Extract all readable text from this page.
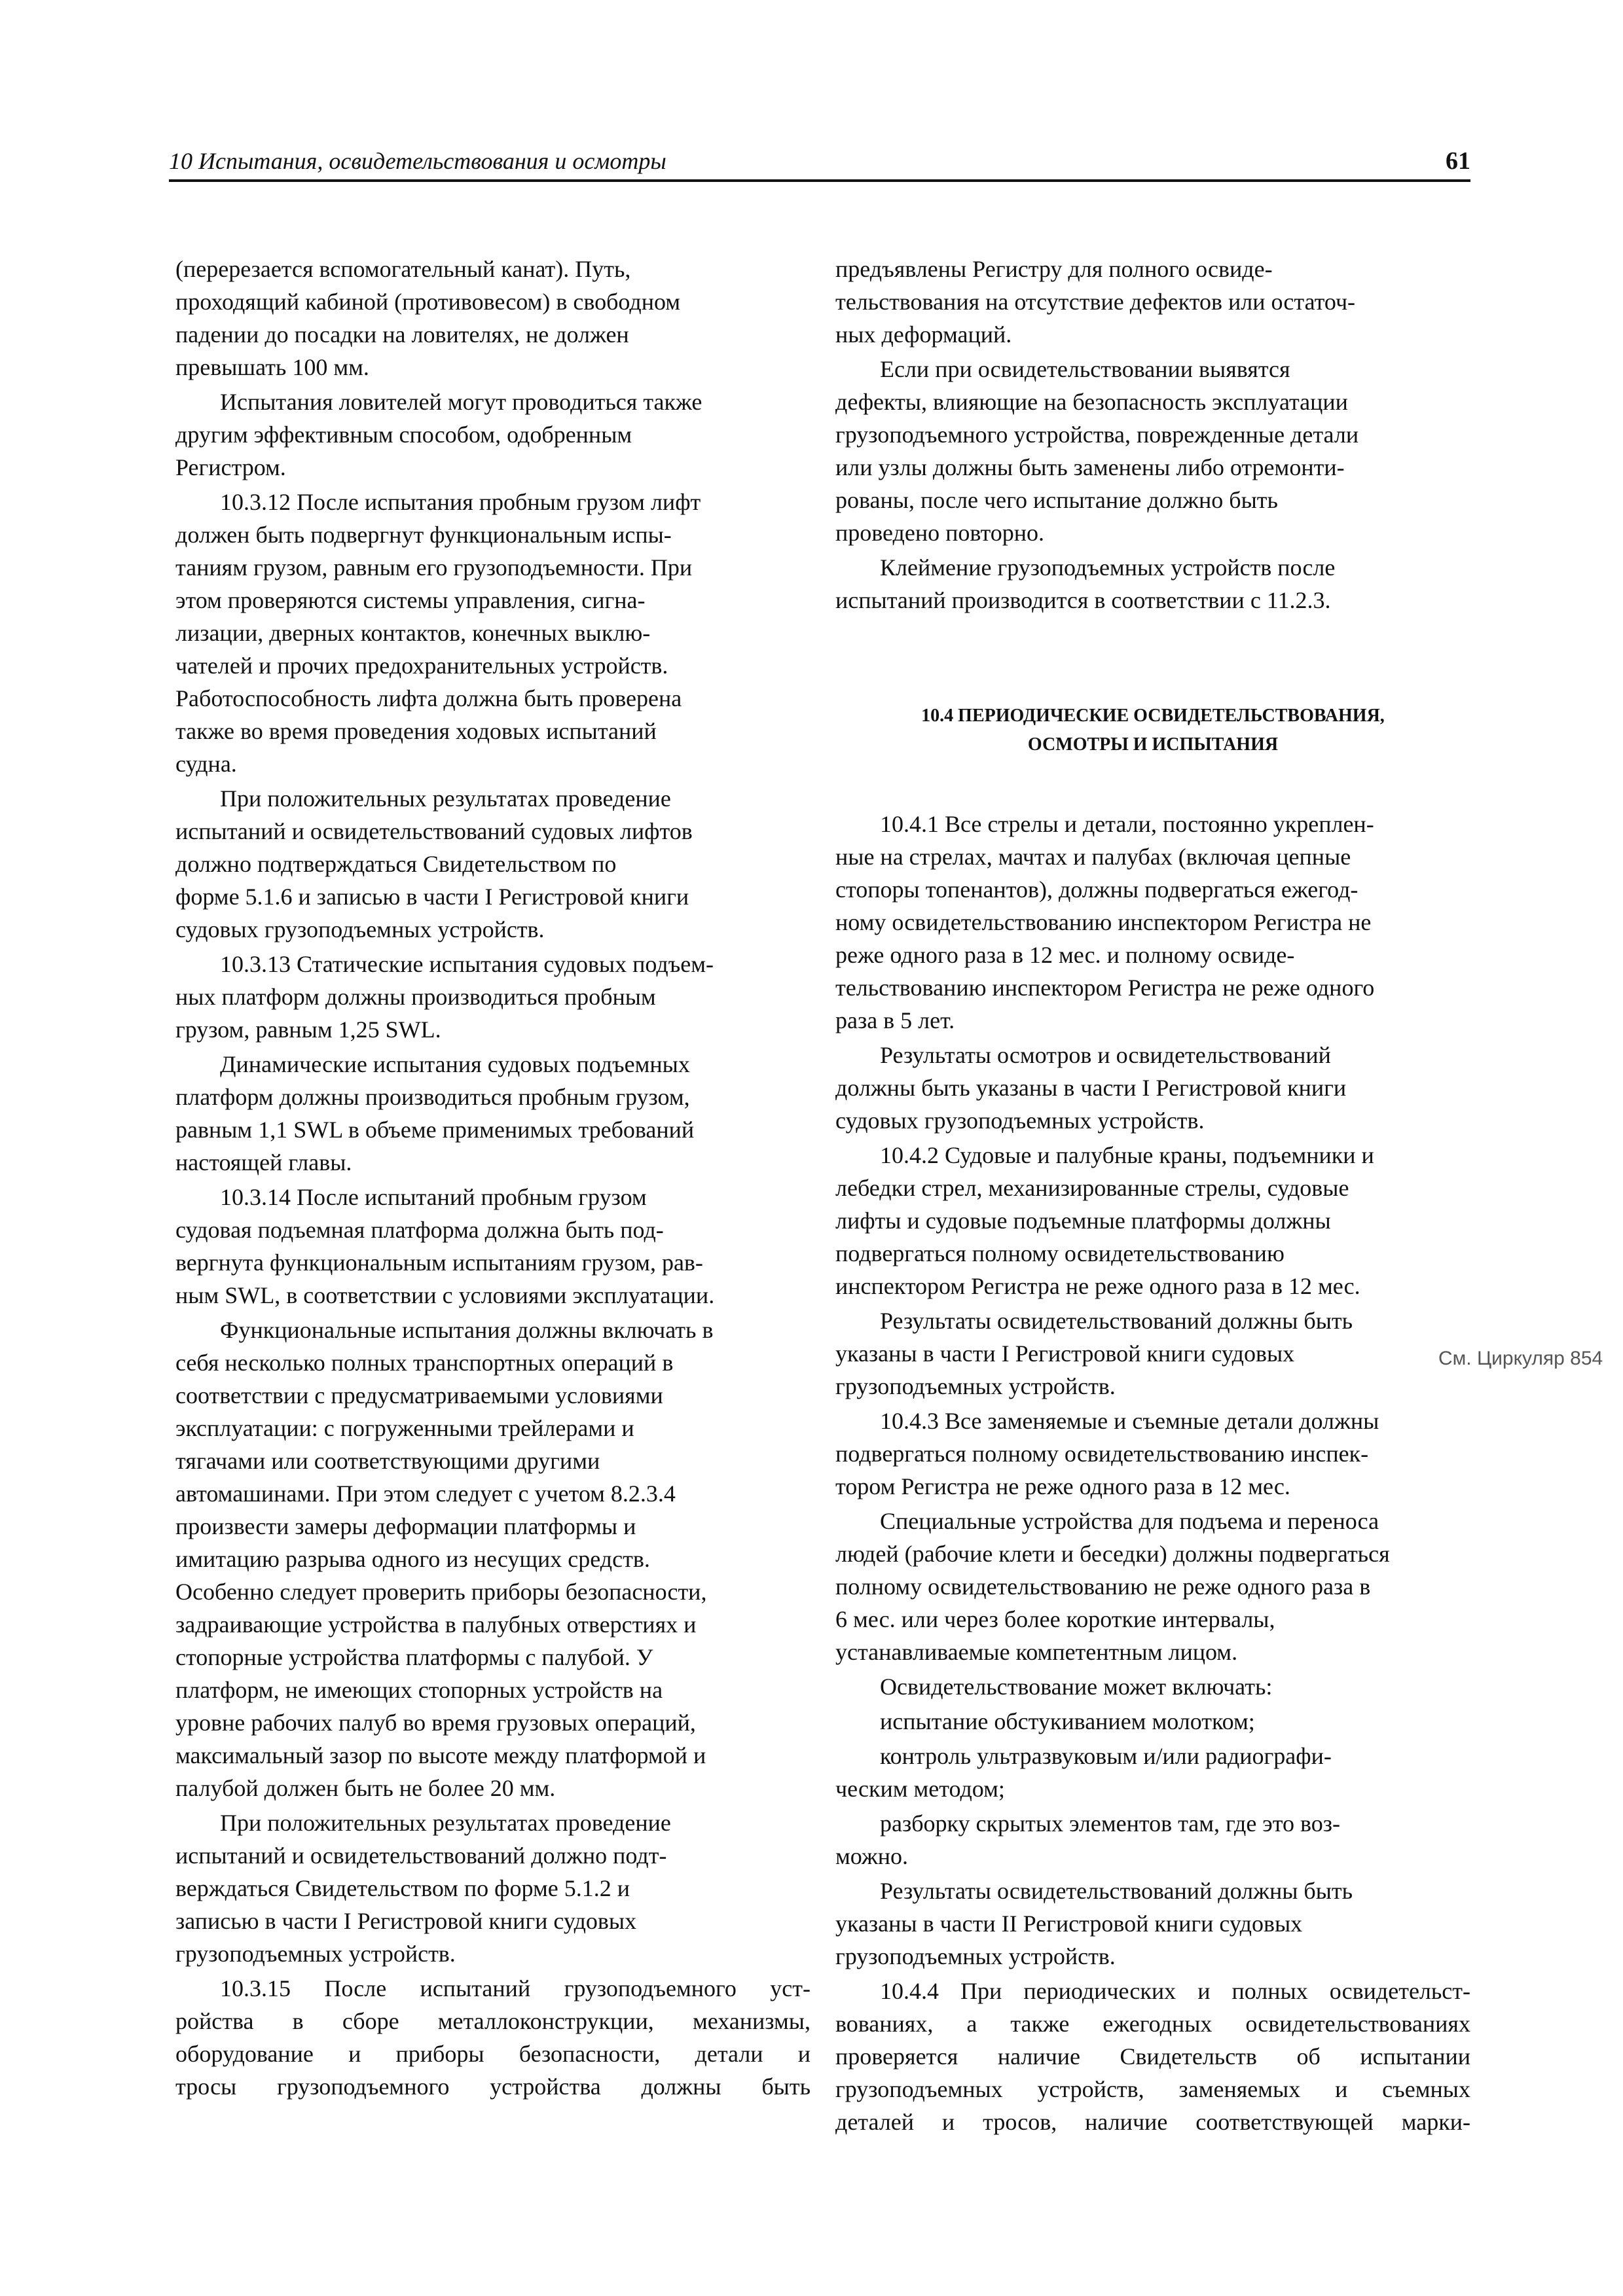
10 Испытания, освидетельствования и осмотры	61

(перерезается вспомогательный канат). Путь,
проходящий кабиной (противовесом) в свободном
падении до посадки на ловителях, не должен
превышать 100 мм.

Испытания ловителей могут проводиться также
другим эффективным способом, одобренным
Регистром.

10.3.12 После испытания пробным грузом лифт
должен быть подвергнут функциональным испы-
таниям грузом, равным его грузоподъемности. При
этом проверяются системы управления, сигна-
лизации, дверных контактов, конечных выклю-
чателей и прочих предохранительных устройств.
Работоспособность лифта должна быть проверена
также во время проведения ходовых испытаний
судна.

При положительных результатах проведение
испытаний и освидетельствований судовых лифтов
должно подтверждаться Свидетельством по
форме 5.1.6 и записью в части I Регистровой книги
судовых грузоподъемных устройств.

10.3.13 Статические испытания судовых подъем-
ных платформ должны производиться пробным
грузом, равным 1,25 SWL.

Динамические испытания судовых подъемных
платформ должны производиться пробным грузом,
равным 1,1 SWL в объеме применимых требований
настоящей главы.

10.3.14 После испытаний пробным грузом
судовая подъемная платформа должна быть под-
вергнута функциональным испытаниям грузом, рав-
ным SWL, в соответствии с условиями эксплуатации.

Функциональные испытания должны включать в
себя несколько полных транспортных операций в
соответствии с предусматриваемыми условиями
эксплуатации: с погруженными трейлерами и
тягачами или соответствующими другими
автомашинами. При этом следует с учетом 8.2.3.4
произвести замеры деформации платформы и
имитацию разрыва одного из несущих средств.
Особенно следует проверить приборы безопасности,
задраивающие устройства в палубных отверстиях и
стопорные устройства платформы с палубой. У
платформ, не имеющих стопорных устройств на
уровне рабочих палуб во время грузовых операций,
максимальный зазор по высоте между платформой и
палубой должен быть не более 20 мм.

При положительных результатах проведение
испытаний и освидетельствований должно подт-
верждаться Свидетельством по форме 5.1.2 и
записью в части I Регистровой книги судовых
грузоподъемных устройств.

10.3.15 После испытаний грузоподъемного уст-
ройства в сборе металлоконструкции, механизмы,
оборудование и приборы безопасности, детали и
тросы грузоподъемного устройства должны быть

предъявлены Регистру для полного освиде-
тельствования на отсутствие дефектов или остаточ-
ных деформаций.

Если при освидетельствовании выявятся
дефекты, влияющие на безопасность эксплуатации
грузоподъемного устройства, поврежденные детали
или узлы должны быть заменены либо отремонти-
рованы, после чего испытание должно быть
проведено повторно.

Клеймение грузоподъемных устройств после
испытаний производится в соответствии с 11.2.3.

10.4 ПЕРИОДИЧЕСКИЕ ОСВИДЕТЕЛЬСТВОВАНИЯ,
ОСМОТРЫ И ИСПЫТАНИЯ

10.4.1 Все стрелы и детали, постоянно укреплен-
ные на стрелах, мачтах и палубах (включая цепные
стопоры топенантов), должны подвергаться ежегод-
ному освидетельствованию инспектором Регистра не
реже одного раза в 12 мес. и полному освиде-
тельствованию инспектором Регистра не реже одного
раза в 5 лет.

Результаты осмотров и освидетельствований
должны быть указаны в части I Регистровой книги
судовых грузоподъемных устройств.

10.4.2 Судовые и палубные краны, подъемники и
лебедки стрел, механизированные стрелы, судовые
лифты и судовые подъемные платформы должны
подвергаться полному освидетельствованию
инспектором Регистра не реже одного раза в 12 мес.

Результаты освидетельствований должны быть
указаны в части I Регистровой книги судовых
грузоподъемных устройств.

10.4.3 Все заменяемые и съемные детали должны
подвергаться полному освидетельствованию инспек-
тором Регистра не реже одного раза в 12 мес.

Специальные устройства для подъема и переноса
людей (рабочие клети и беседки) должны подвергаться
полному освидетельствованию не реже одного раза в
6 мес. или через более короткие интервалы,
устанавливаемые компетентным лицом.

Освидетельствование может включать:

испытание обстукиванием молотком;

контроль ультразвуковым и/или радиографи-
ческим методом;

разборку скрытых элементов там, где это воз-
можно.

Результаты освидетельствований должны быть
указаны в части II Регистровой книги судовых
грузоподъемных устройств.

10.4.4 При периодических и полных освидетельст-
вованиях, а также ежегодных освидетельствованиях
проверяется наличие Свидетельств об испытании
грузоподъемных устройств, заменяемых и съемных
деталей и тросов, наличие соответствующей марки-

См. Циркуляр 854
